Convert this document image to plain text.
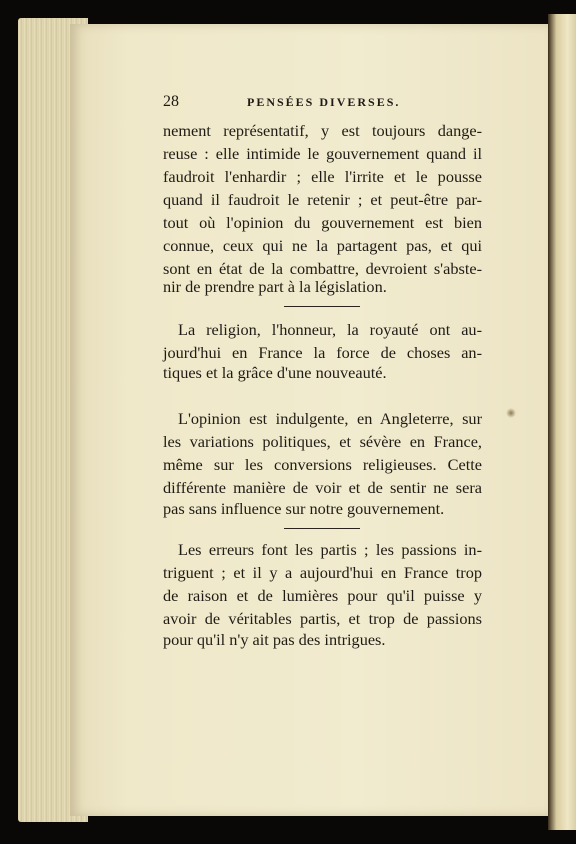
28	PENSÉES DIVERSES.
nement représentatif, y est toujours dange-
reuse : elle intimide le gouvernement quand il
faudroit l'enhardir ; elle l'irrite et le pousse
quand il faudroit le retenir ; et peut-être par-
tout où l'opinion du gouvernement est bien
connue, ceux qui ne la partagent pas, et qui
sont en état de la combattre, devroient s'abste-
nir de prendre part à la législation.
La religion, l'honneur, la royauté ont au-
jourd'hui en France la force de choses an-
tiques et la grâce d'une nouveauté.
L'opinion est indulgente, en Angleterre, sur
les variations politiques, et sévère en France,
même sur les conversions religieuses. Cette
différente manière de voir et de sentir ne sera
pas sans influence sur notre gouvernement.
Les erreurs font les partis ; les passions in-
triguent ; et il y a aujourd'hui en France trop
de raison et de lumières pour qu'il puisse y
avoir de véritables partis, et trop de passions
pour qu'il n'y ait pas des intrigues.
